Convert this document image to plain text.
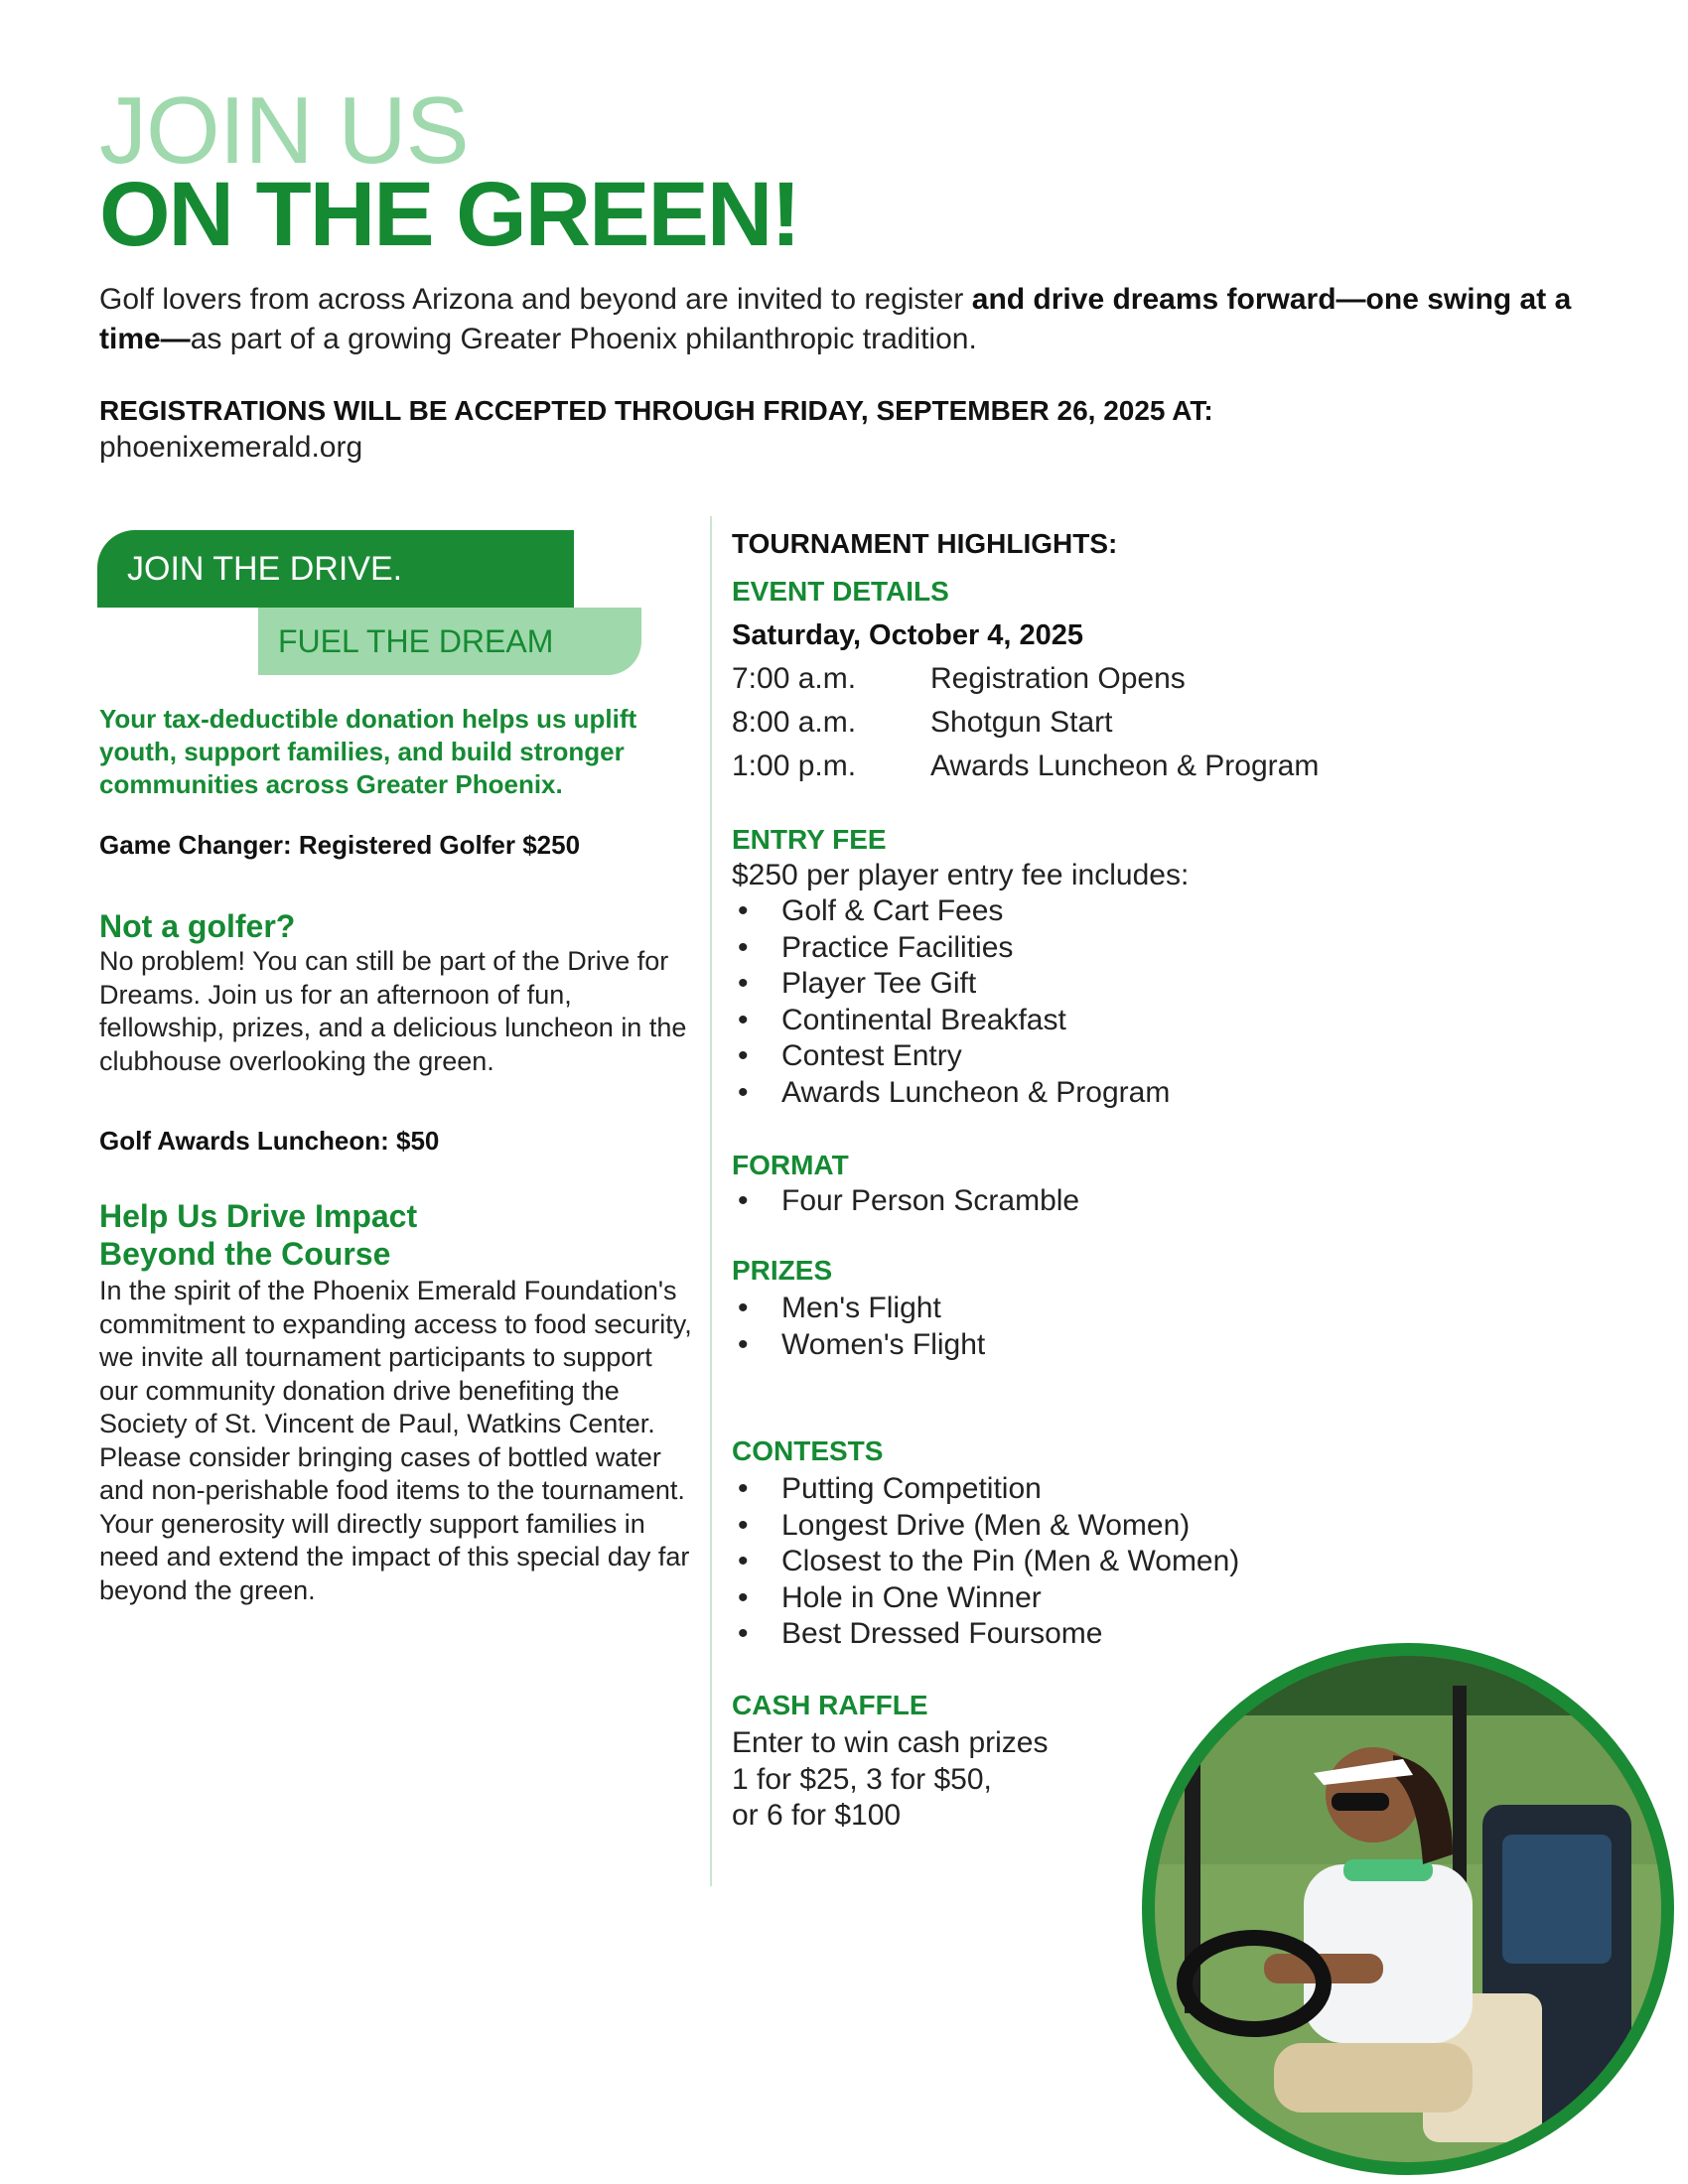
JOIN US
ON THE GREEN!
Golf lovers from across Arizona and beyond are invited to register and drive dreams forward—one swing at a time—as part of a growing Greater Phoenix philanthropic tradition.
REGISTRATIONS WILL BE ACCEPTED THROUGH FRIDAY, SEPTEMBER 26, 2025 AT:
phoenixemerald.org
JOIN THE DRIVE.
FUEL THE DREAM
Your tax-deductible donation helps us uplift youth, support families, and build stronger communities across Greater Phoenix.
Game Changer: Registered Golfer $250
Not a golfer?
No problem! You can still be part of the Drive for Dreams. Join us for an afternoon of fun, fellowship, prizes, and a delicious luncheon in the clubhouse overlooking the green.
Golf Awards Luncheon: $50
Help Us Drive Impact
Beyond the Course
In the spirit of the Phoenix Emerald Foundation's commitment to expanding access to food security, we invite all tournament participants to support our community donation drive benefiting the Society of St. Vincent de Paul, Watkins Center. Please consider bringing cases of bottled water and non-perishable food items to the tournament. Your generosity will directly support families in need and extend the impact of this special day far beyond the green.
TOURNAMENT HIGHLIGHTS:
EVENT DETAILS
Saturday, October 4, 2025
7:00 a.m.	Registration Opens
8:00 a.m.	Shotgun Start
1:00 p.m.	Awards Luncheon & Program
ENTRY FEE
$250 per player entry fee includes:
• Golf & Cart Fees
• Practice Facilities
• Player Tee Gift
• Continental Breakfast
• Contest Entry
• Awards Luncheon & Program
FORMAT
• Four Person Scramble
PRIZES
• Men's Flight
• Women's Flight
CONTESTS
• Putting Competition
• Longest Drive (Men & Women)
• Closest to the Pin (Men & Women)
• Hole in One Winner
• Best Dressed Foursome
CASH RAFFLE
Enter to win cash prizes
1 for $25, 3 for $50,
or 6 for $100
